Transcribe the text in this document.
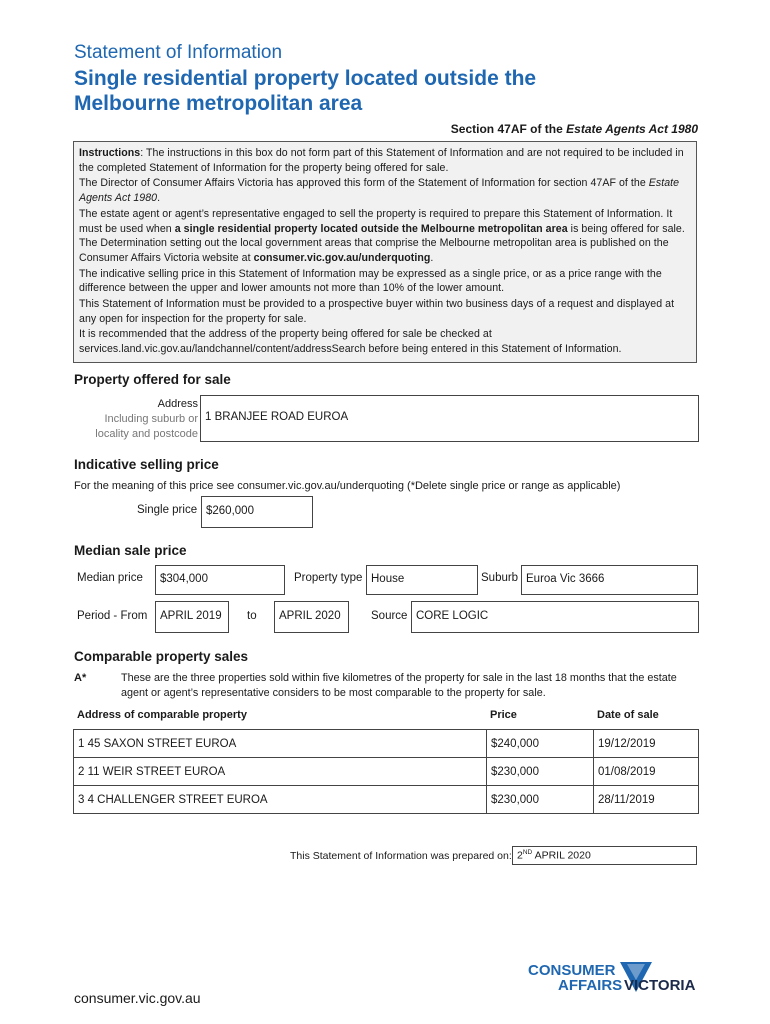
Statement of Information
Single residential property located outside the
Melbourne metropolitan area
Section 47AF of the Estate Agents Act 1980

Instructions: The instructions in this box do not form part of this Statement of Information and are not required to be included in the completed Statement of Information for the property being offered for sale.

The Director of Consumer Affairs Victoria has approved this form of the Statement of Information for section 47AF of the Estate Agents Act 1980.

The estate agent or agent’s representative engaged to sell the property is required to prepare this Statement of Information. It must be used when a single residential property located outside the Melbourne metropolitan area is being offered for sale. The Determination setting out the local government areas that comprise the Melbourne metropolitan area is published on the Consumer Affairs Victoria website at consumer.vic.gov.au/underquoting.

The indicative selling price in this Statement of Information may be expressed as a single price, or as a price range with the difference between the upper and lower amounts not more than 10% of the lower amount.

This Statement of Information must be provided to a prospective buyer within two business days of a request and displayed at any open for inspection for the property for sale.

It is recommended that the address of the property being offered for sale be checked at services.land.vic.gov.au/landchannel/content/addressSearch before being entered in this Statement of Information.

Property offered for sale
Address
Including suburb or
locality and postcode
1 BRANJEE ROAD EUROA
Indicative selling price
For the meaning of this price see consumer.vic.gov.au/underquoting (*Delete single price or range as applicable)
Single price $260,000
Median sale price
Median price	$304,000	Property type House	Suburb Euroa Vic 3666
Period - From	APRIL 2019	to	APRIL 2020	Source CORE LOGIC
Comparable property sales
A*	These are the three properties sold within five kilometres of the property for sale in the last 18 months that the estate agent or agent’s representative considers to be most comparable to the property for sale.
Address of comparable property	Price	Date of sale
1 45 SAXON STREET EUROA	$240,000	19/12/2019
2 11 WEIR STREET EUROA	$230,000	01/08/2019
3 4 CHALLENGER STREET EUROA	$230,000	28/11/2019
This Statement of Information was prepared on: 2ND APRIL 2020
consumer.vic.gov.au
CONSUMER
AFFAIRS VICTORIA
